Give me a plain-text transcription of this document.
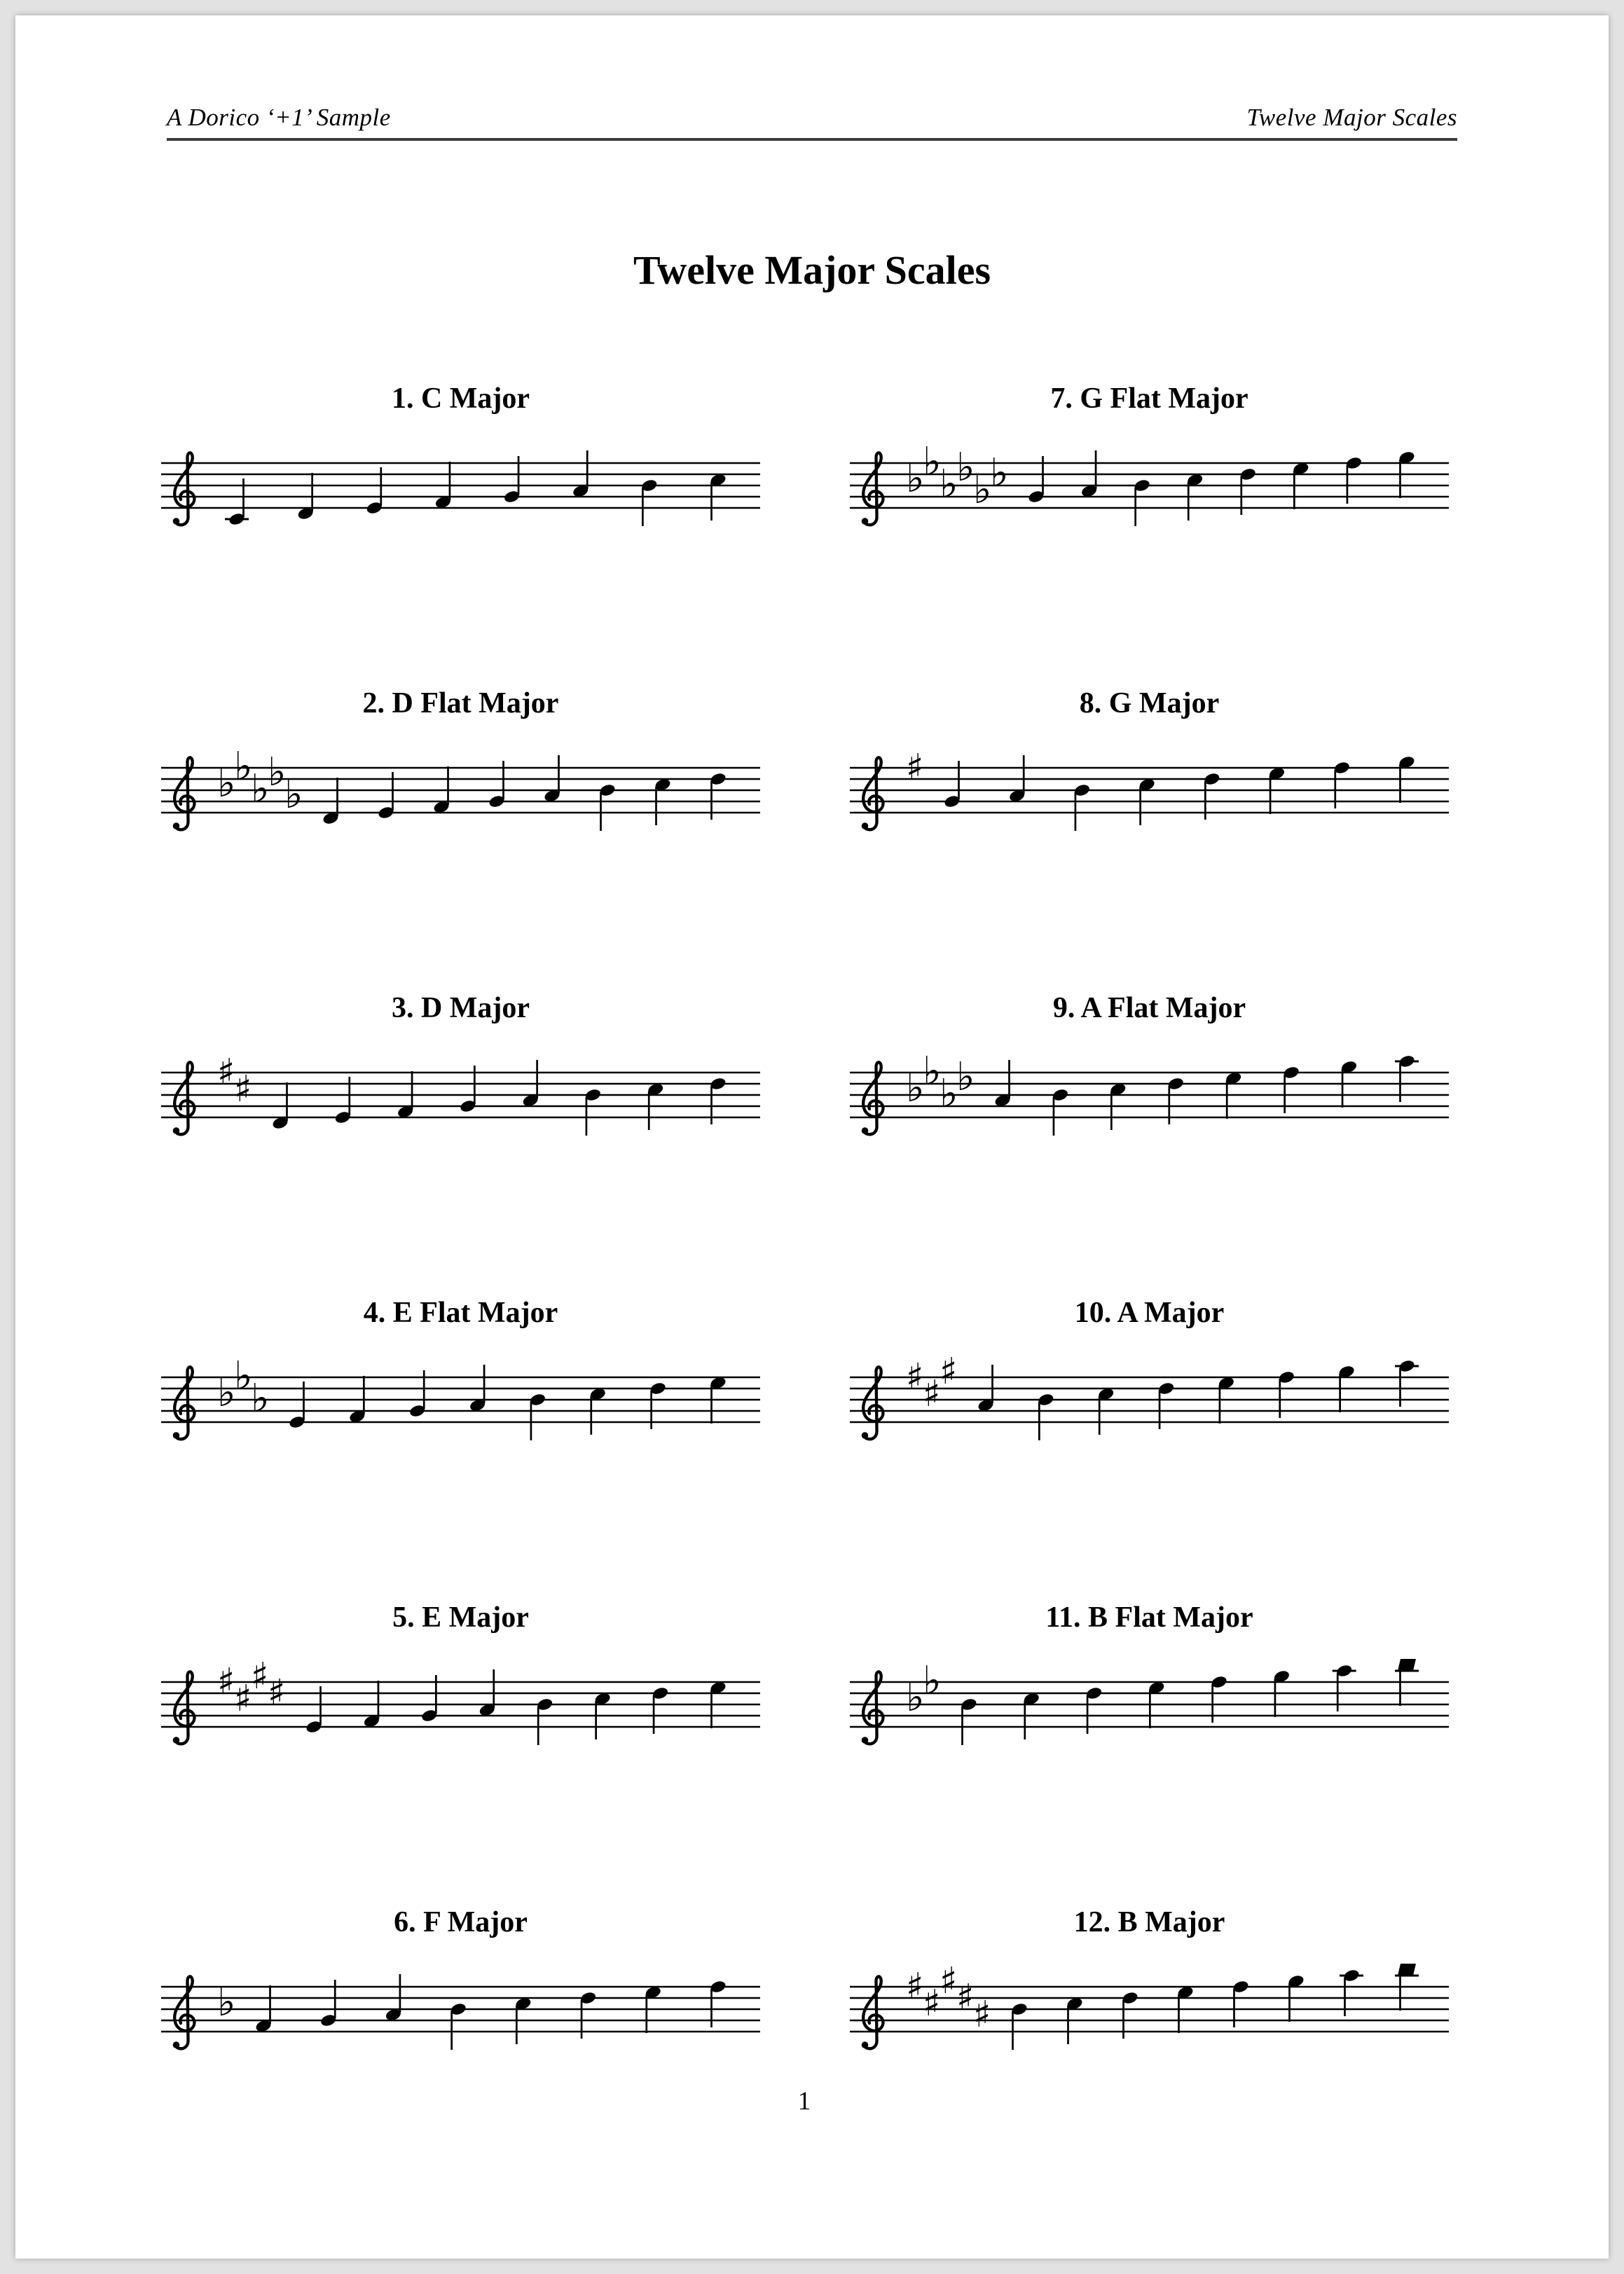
A Dorico ‘+1’ Sample	Twelve Major Scales
Twelve Major Scales
1. C Major
2. D Flat Major
♭
♭
♭
♭
♭
3. D Major
♯
♯
4. E Flat Major
♭
♭
♭
5. E Major
♯
♯
♯
♯
6. F Major
♭
7. G Flat Major
♭
♭
♭
♭
♭
♭
8. G Major
♯
9. A Flat Major
♭
♭
♭
♭
10. A Major
♯
♯
♯
11. B Flat Major
♭
♭
12. B Major
♯
♯
♯
♯
♯
1
